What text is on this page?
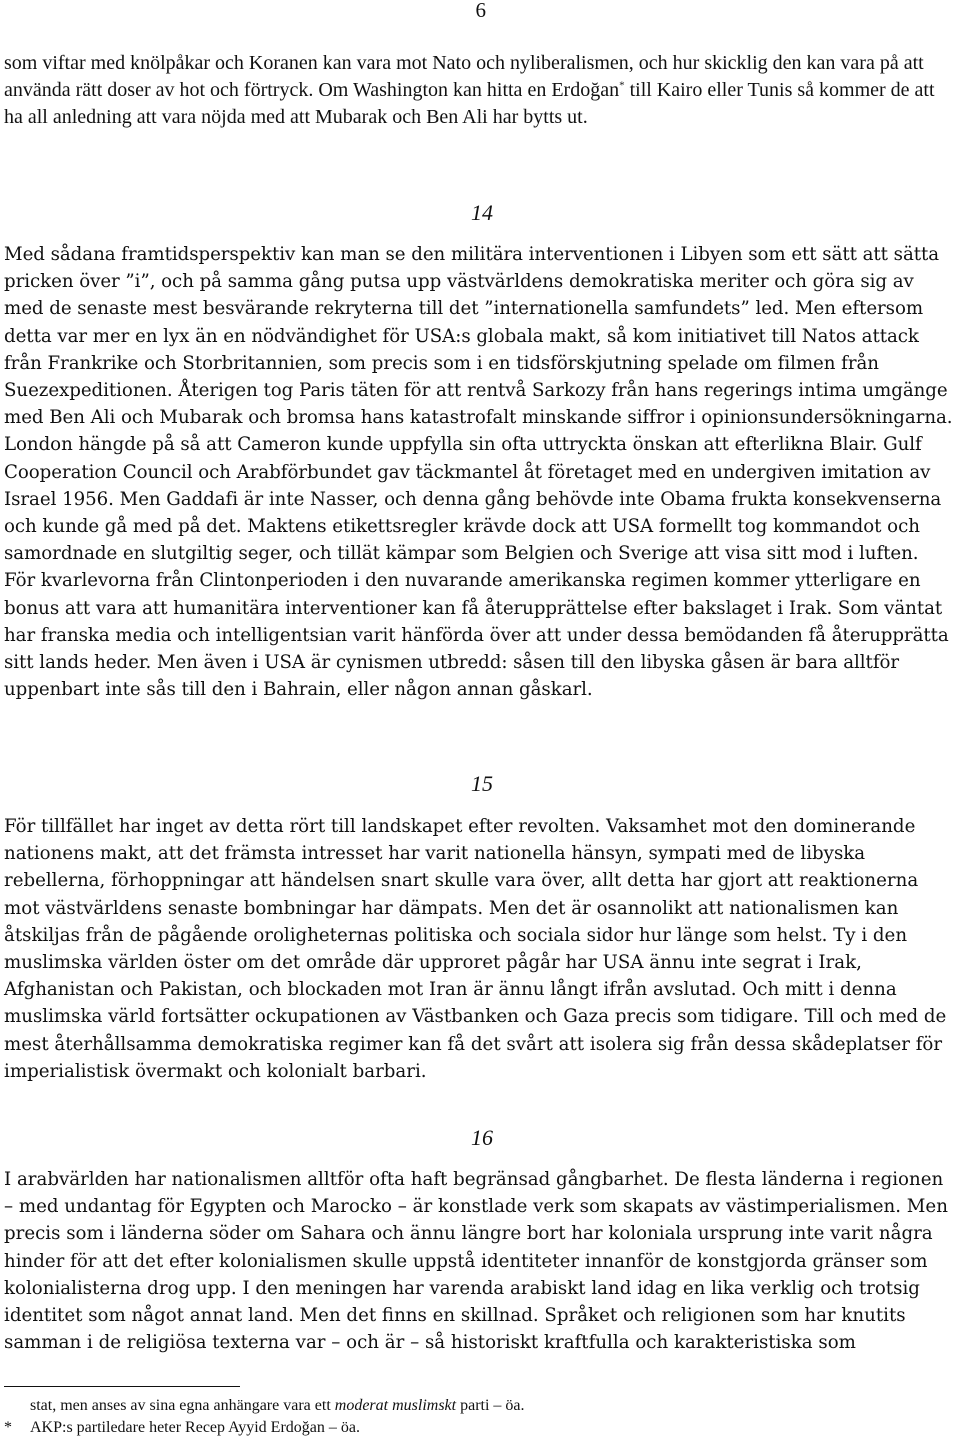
6

som viftar med knölpåkar och Koranen kan vara mot Nato och nyliberalismen, och hur skicklig den kan vara på att använda rätt doser av hot och förtryck. Om Washington kan hitta en Erdoğan* till Kairo eller Tunis så kommer de att ha all anledning att vara nöjda med att Mubarak och Ben Ali har bytts ut.

14

Med sådana framtidsperspektiv kan man se den militära interventionen i Libyen som ett sätt att sätta pricken över ”i”, och på samma gång putsa upp västvärldens demokratiska meriter och göra sig av med de senaste mest besvärande rekryterna till det ”internationella samfundets” led. Men eftersom detta var mer en lyx än en nödvändighet för USA:s globala makt, så kom initiativet till Natos attack från Frankrike och Storbritannien, som precis som i en tidsförskjutning spelade om filmen från Suezexpeditionen. Återigen tog Paris täten för att rentvå Sarkozy från hans regerings intima umgänge med Ben Ali och Mubarak och bromsa hans katastrofalt minskande siffror i opinionsundersökningarna. London hängde på så att Cameron kunde uppfylla sin ofta uttryckta önskan att efterlikna Blair. Gulf Cooperation Council och Arabförbundet gav täckmantel åt företaget med en undergiven imitation av Israel 1956. Men Gaddafi är inte Nasser, och denna gång behövde inte Obama frukta konsekvenserna och kunde gå med på det. Maktens etikettsregler krävde dock att USA formellt tog kommandot och samordnade en slutgiltig seger, och tillät kämpar som Belgien och Sverige att visa sitt mod i luften. För kvarlevorna från Clintonperioden i den nuvarande amerikanska regimen kommer ytterligare en bonus att vara att humanitära interventioner kan få återupprättelse efter bakslaget i Irak. Som väntat har franska media och intelligentsian varit hänförda över att under dessa bemödanden få återupprätta sitt lands heder. Men även i USA är cynismen utbredd: såsen till den libyska gåsen är bara alltför uppenbart inte sås till den i Bahrain, eller någon annan gåskarl.

15

För tillfället har inget av detta rört till landskapet efter revolten. Vaksamhet mot den dominerande nationens makt, att det främsta intresset har varit nationella hänsyn, sympati med de libyska rebellerna, förhoppningar att händelsen snart skulle vara över, allt detta har gjort att reaktionerna mot västvärldens senaste bombningar har dämpats. Men det är osannolikt att nationalismen kan åtskiljas från de pågående oroligheternas politiska och sociala sidor hur länge som helst. Ty i den muslimska världen öster om det område där upproret pågår har USA ännu inte segrat i Irak, Afghanistan och Pakistan, och blockaden mot Iran är ännu långt ifrån avslutad. Och mitt i denna muslimska värld fortsätter ockupationen av Västbanken och Gaza precis som tidigare. Till och med de mest återhållsamma demokratiska regimer kan få det svårt att isolera sig från dessa skådeplatser för imperialistisk övermakt och kolonialt barbari.

16

I arabvärlden har nationalismen alltför ofta haft begränsad gångbarhet. De flesta länderna i regionen – med undantag för Egypten och Marocko – är konstlade verk som skapats av västimperialismen. Men precis som i länderna söder om Sahara och ännu längre bort har koloniala ursprung inte varit några hinder för att det efter kolonialismen skulle uppstå identiteter innanför de konstgjorda gränser som kolonialisterna drog upp. I den meningen har varenda arabiskt land idag en lika verklig och trotsig identitet som något annat land. Men det finns en skillnad. Språket och religionen som har knutits samman i de religiösa texterna var – och är – så historiskt kraftfulla och karakteristiska som

stat, men anses av sina egna anhängare vara ett moderat muslimskt parti – öa.

* AKP:s partiledare heter Recep Ayyid Erdoğan – öa.
